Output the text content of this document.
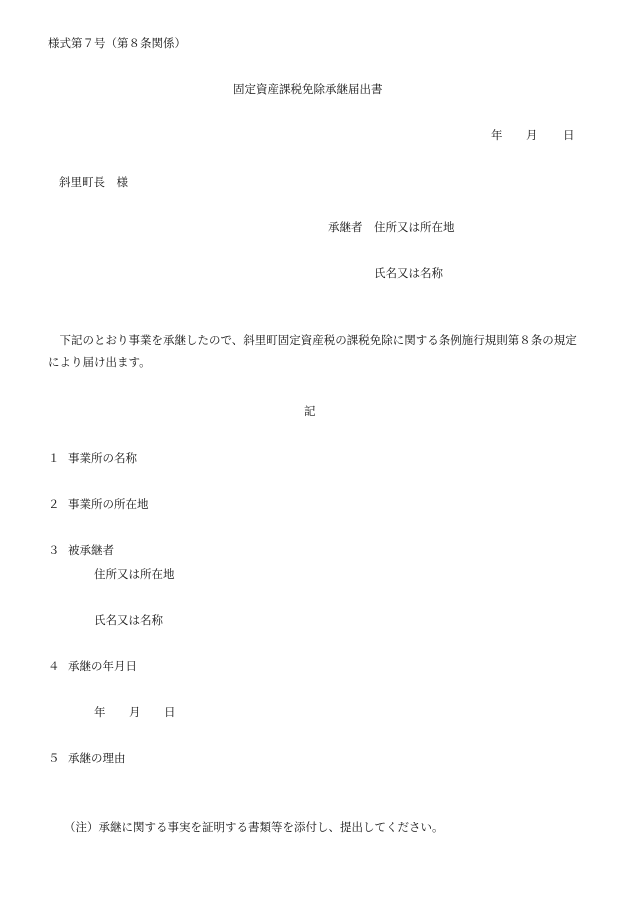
様式第７号（第８条関係）
固定資産課税免除承継届出書
年 月 日
斜里町長　様
承継者 住所又は所在地
氏名又は名称
下記のとおり事業を承継したので、斜里町固定資産税の課税免除に関する条例施行規則第８条の規定により届け出ます。
記
１ 事業所の名称
２ 事業所の所在地
３ 被承継者
住所又は所在地
氏名又は名称
４ 承継の年月日
年 月 日
５ 承継の理由
（注）承継に関する事実を証明する書類等を添付し、提出してください。
